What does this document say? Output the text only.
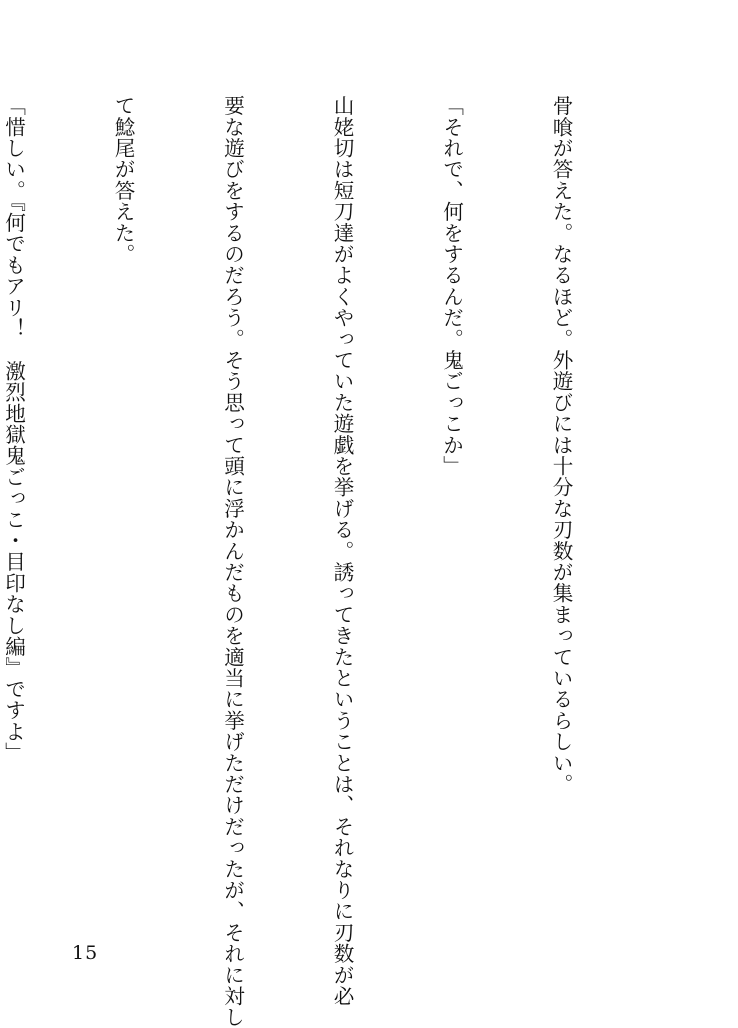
骨喰が答えた。なるほど。外遊びには十分な刃数が集まっているらしい。

「それで、何をするんだ。鬼ごっこか」

山姥切は短刀達がよくやっていた遊戯を挙げる。誘ってきたということは、それなりに刃数が必

要な遊びをするのだろう。そう思って頭に浮かんだものを適当に挙げただけだったが、それに対し

て鯰尾が答えた。

「惜しい。『何でもアリ！　激烈地獄鬼ごっこ・目印なし編』ですよ」

15
